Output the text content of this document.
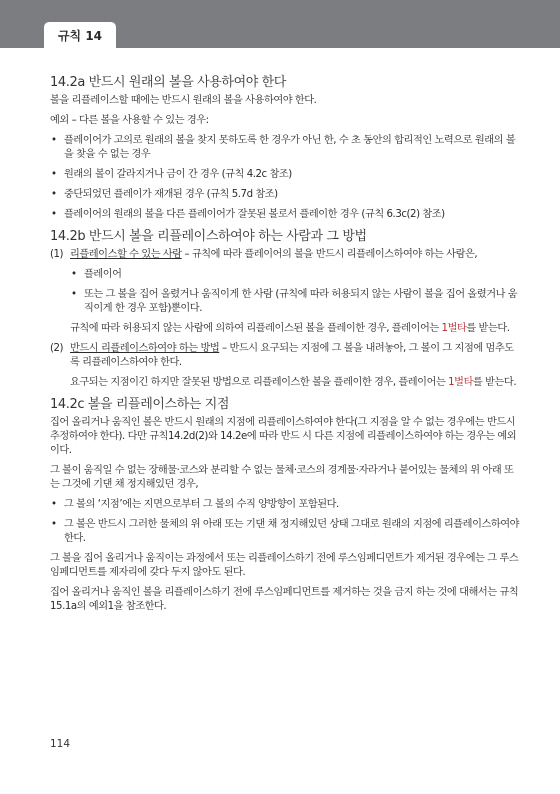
규칙 14
14.2a 반드시 원래의 볼을 사용하여야 한다

볼을 리플레이스할 때에는 반드시 원래의 볼을 사용하여야 한다.

예외 – 다른 볼을 사용할 수 있는 경우:

• 플레이어가 고의로 원래의 볼을 찾지 못하도록 한 경우가 아닌 한, 수 초 동안의 합리적인 노력으로 원래의 볼을 찾을 수 없는 경우
• 원래의 볼이 갈라지거나 금이 간 경우 (규칙 4.2c 참조)
• 중단되었던 플레이가 재개된 경우 (규칙 5.7d 참조)
• 플레이어의 원래의 볼을 다른 플레이어가 잘못된 볼로서 플레이한 경우 (규칙 6.3c(2) 참조)
14.2b 반드시 볼을 리플레이스하여야 하는 사람과 그 방법
(1) 리플레이스할 수 있는 사람 – 규칙에 따라 플레이어의 볼을 반드시 리플레이스하여야 하는 사람은,
• 플레이어
• 또는 그 볼을 집어 올렸거나 움직이게 한 사람 (규칙에 따라 허용되지 않는 사람이 볼을 집어 올렸거나 움직이게 한 경우 포함)뿐이다.

규칙에 따라 허용되지 않는 사람에 의하여 리플레이스된 볼을 플레이한 경우, 플레이어는 1벌타를 받는다.

(2) 반드시 리플레이스하여야 하는 방법 – 반드시 요구되는 지점에 그 볼을 내려놓아, 그 볼이 그 지점에 멈추도록 리플레이스하여야 한다.

요구되는 지점이긴 하지만 잘못된 방법으로 리플레이스한 볼을 플레이한 경우, 플레이어는 1벌타를 받는다.

14.2c 볼을 리플레이스하는 지점

집어 올리거나 움직인 볼은 반드시 원래의 지점에 리플레이스하여야 한다(그 지점을 알 수 없는 경우에는 반드시 추정하여야 한다). 다만 규칙14.2d(2)와 14.2e에 따라 반드 시 다른 지점에 리플레이스하여야 하는 경우는 예외이다.

그 볼이 움직일 수 없는 장해물·코스와 분리할 수 없는 물체·코스의 경계물·자라거나 붙어있는 물체의 위 아래 또는 그것에 기댄 채 정지해있던 경우,

• 그 볼의 ‘지점’에는 지면으로부터 그 볼의 수직 양방향이 포함된다.
• 그 볼은 반드시 그러한 물체의 위 아래 또는 기댄 채 정지해있던 상태 그대로 원래의 지점에 리플레이스하여야 한다.

그 볼을 집어 올리거나 움직이는 과정에서 또는 리플레이스하기 전에 루스임페디먼트가 제거된 경우에는 그 루스임페디먼트를 제자리에 갖다 두지 않아도 된다.

집어 올리거나 움직인 볼을 리플레이스하기 전에 루스임페디먼트를 제거하는 것을 금지 하는 것에 대해서는 규칙 15.1a의 예외1을 참조한다.

114
